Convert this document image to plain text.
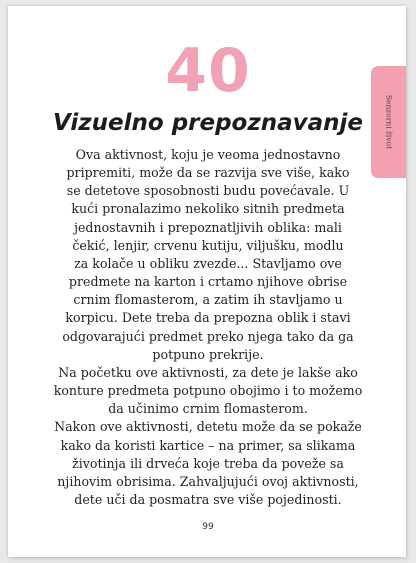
Senzorni život
40
Vizuelno prepoznavanje
Ova aktivnost, koju je veoma jednostavno
pripremiti, može da se razvija sve više, kako
se detetove sposobnosti budu povećavale. U
kući pronalazimo nekoliko sitnih predmeta
jednostavnih i prepoznatljivih oblika: mali
čekić, lenjir, crvenu kutiju, viljušku, modlu
za kolače u obliku zvezde... Stavljamo ove
predmete na karton i crtamo njihove obrise
crnim flomasterom, a zatim ih stavljamo u
korpicu. Dete treba da prepozna oblik i stavi
odgovarajući predmet preko njega tako da ga
potpuno prekrije.
Na početku ove aktivnosti, za dete je lakše ako
konture predmeta potpuno obojimo i to možemo
da učinimo crnim flomasterom.
Nakon ove aktivnosti, detetu može da se pokaže
kako da koristi kartice – na primer, sa slikama
životinja ili drveća koje treba da poveže sa
njihovim obrisima. Zahvaljujući ovoj aktivnosti,
dete uči da posmatra sve više pojedinosti.
99
